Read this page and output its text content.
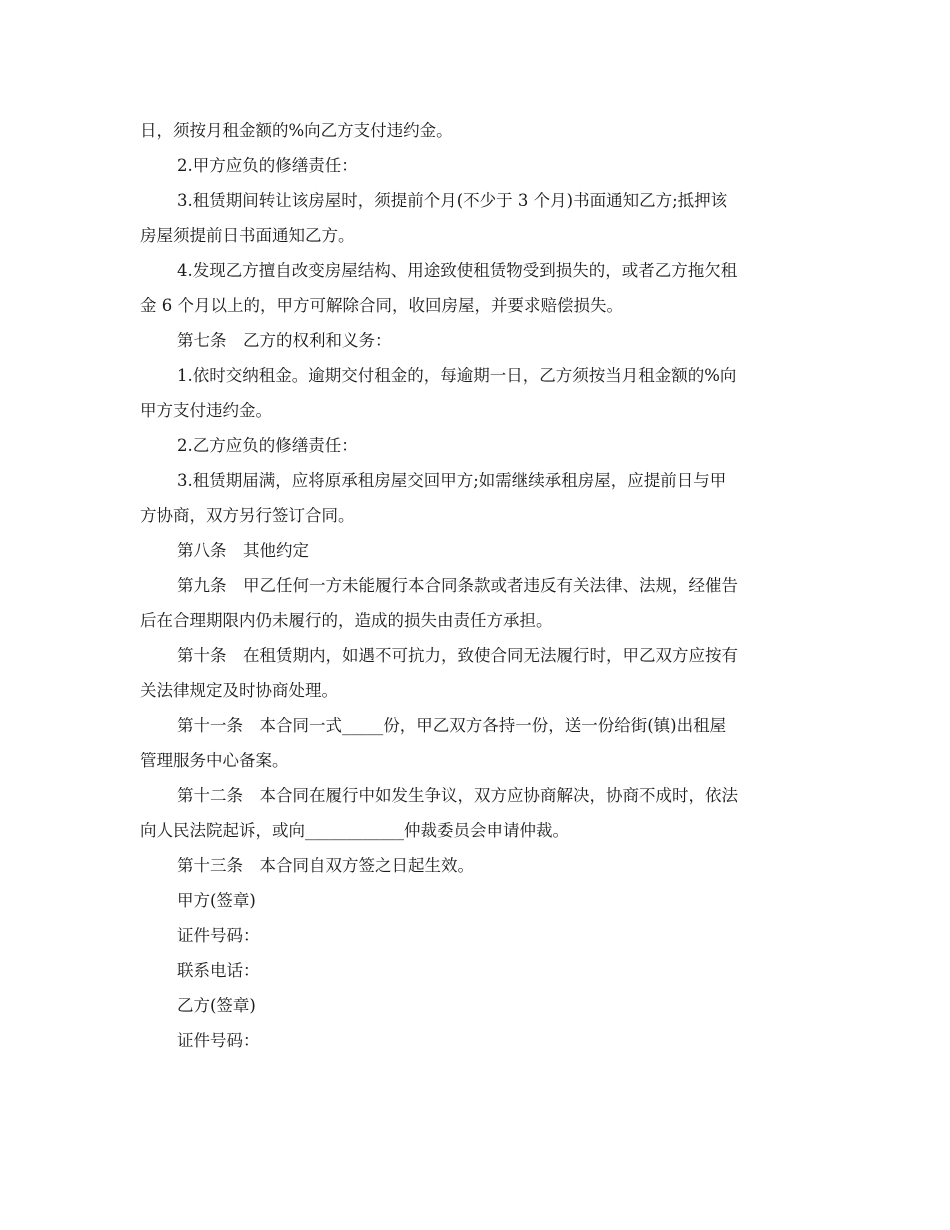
日，须按月租金额的%向乙方支付违约金。

2.甲方应负的修缮责任：

3.租赁期间转让该房屋时，须提前个月(不少于 3 个月)书面通知乙方;抵押该

房屋须提前日书面通知乙方。

4.发现乙方擅自改变房屋结构、用途致使租赁物受到损失的，或者乙方拖欠租

金 6 个月以上的，甲方可解除合同，收回房屋，并要求赔偿损失。

第七条　乙方的权利和义务：

1.依时交纳租金。逾期交付租金的，每逾期一日，乙方须按当月租金额的%向

甲方支付违约金。

2.乙方应负的修缮责任：

3.租赁期届满，应将原承租房屋交回甲方;如需继续承租房屋，应提前日与甲

方协商，双方另行签订合同。

第八条　其他约定

第九条　甲乙任何一方未能履行本合同条款或者违反有关法律、法规，经催告

后在合理期限内仍未履行的，造成的损失由责任方承担。

第十条　在租赁期内，如遇不可抗力，致使合同无法履行时，甲乙双方应按有

关法律规定及时协商处理。

第十一条　本合同一式_____份，甲乙双方各持一份，送一份给街(镇)出租屋

管理服务中心备案。

第十二条　本合同在履行中如发生争议，双方应协商解决，协商不成时，依法

向人民法院起诉，或向____________仲裁委员会申请仲裁。

第十三条　本合同自双方签之日起生效。

甲方(签章)

证件号码：

联系电话：

乙方(签章)

证件号码：
